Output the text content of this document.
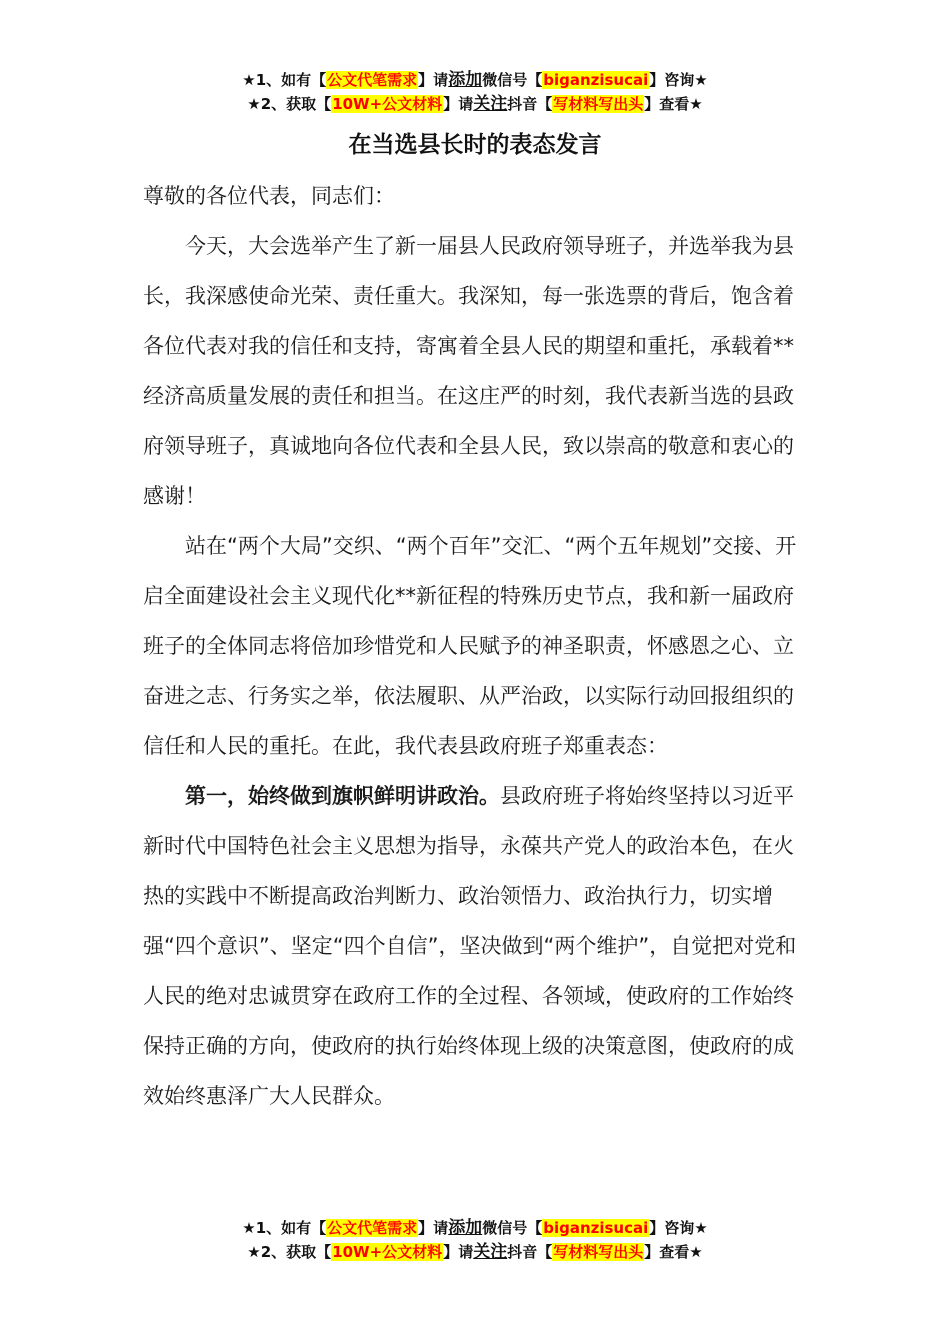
★1、如有【公文代笔需求】请添加微信号【biganzisucai】咨询★
★2、获取【10W+公文材料】请关注抖音【写材料写出头】查看★
在当选县长时的表态发言

尊敬的各位代表，同志们：

今天，大会选举产生了新一届县人民政府领导班子，并选举我为县长，我深感使命光荣、责任重大。我深知，每一张选票的背后，饱含着各位代表对我的信任和支持，寄寓着全县人民的期望和重托，承载着**经济高质量发展的责任和担当。在这庄严的时刻，我代表新当选的县政府领导班子，真诚地向各位代表和全县人民，致以崇高的敬意和衷心的感谢！

站在“两个大局”交织、“两个百年”交汇、“两个五年规划”交接、开启全面建设社会主义现代化**新征程的特殊历史节点，我和新一届政府班子的全体同志将倍加珍惜党和人民赋予的神圣职责，怀感恩之心、立奋进之志、行务实之举，依法履职、从严治政，以实际行动回报组织的信任和人民的重托。在此，我代表县政府班子郑重表态：

第一，始终做到旗帜鲜明讲政治。县政府班子将始终坚持以习近平新时代中国特色社会主义思想为指导，永葆共产党人的政治本色，在火热的实践中不断提高政治判断力、政治领悟力、政治执行力，切实增强“四个意识”、坚定“四个自信”，坚决做到“两个维护”，自觉把对党和人民的绝对忠诚贯穿在政府工作的全过程、各领域，使政府的工作始终保持正确的方向，使政府的执行始终体现上级的决策意图，使政府的成效始终惠泽广大人民群众。

★1、如有【公文代笔需求】请添加微信号【biganzisucai】咨询★
★2、获取【10W+公文材料】请关注抖音【写材料写出头】查看★
